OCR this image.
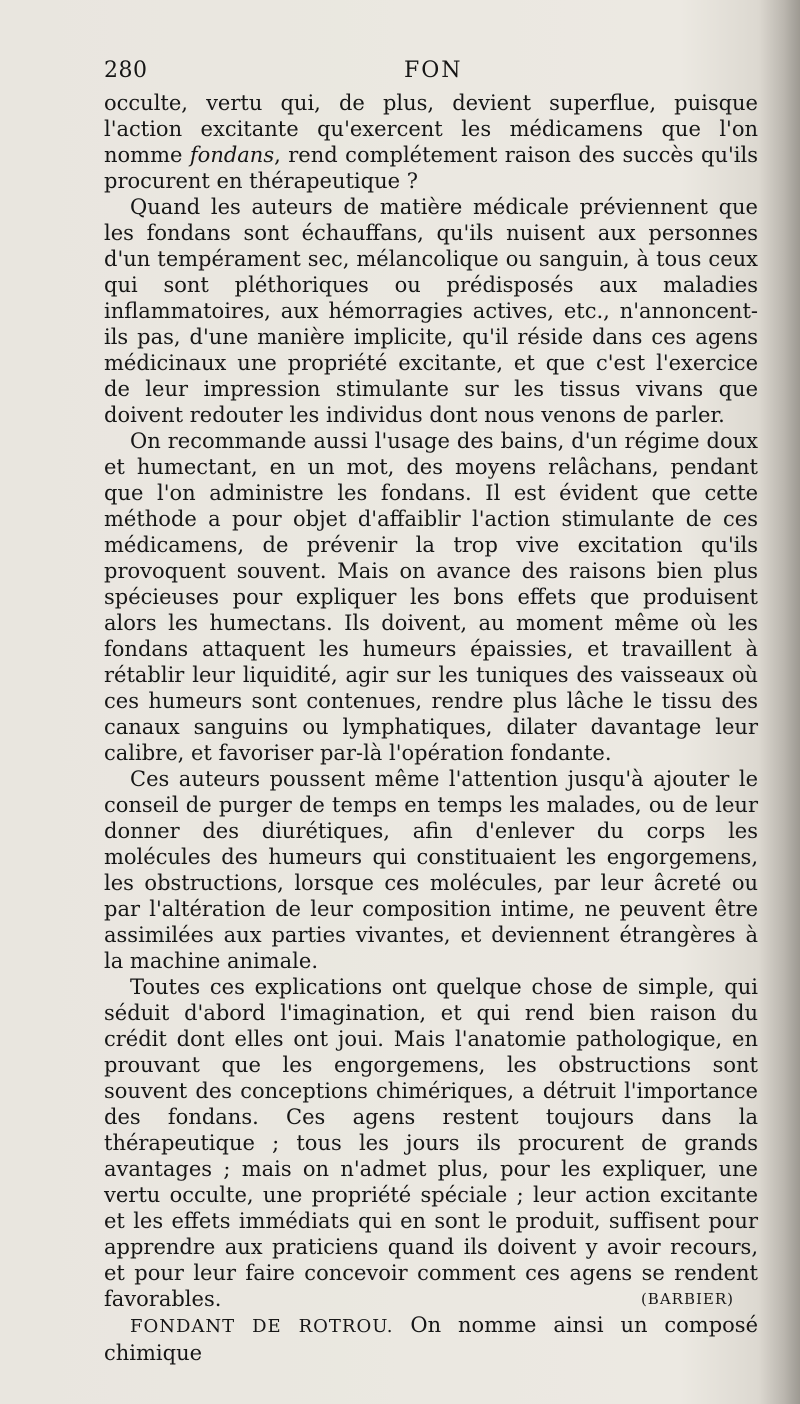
280	FON

occulte, vertu qui, de plus, devient superflue, puisque l'action excitante qu'exercent les médicamens que l'on nomme fondans, rend complétement raison des succès qu'ils procurent en thérapeutique ?

Quand les auteurs de matière médicale préviennent que les fondans sont échauffans, qu'ils nuisent aux personnes d'un tempérament sec, mélancolique ou sanguin, à tous ceux qui sont pléthoriques ou prédisposés aux maladies inflammatoires, aux hémorragies actives, etc., n'annoncent-ils pas, d'une manière implicite, qu'il réside dans ces agens médicinaux une propriété excitante, et que c'est l'exercice de leur impression stimulante sur les tissus vivans que doivent redouter les individus dont nous venons de parler.

On recommande aussi l'usage des bains, d'un régime doux et humectant, en un mot, des moyens relâchans, pendant que l'on administre les fondans. Il est évident que cette méthode a pour objet d'affaiblir l'action stimulante de ces médicamens, de prévenir la trop vive excitation qu'ils provoquent souvent. Mais on avance des raisons bien plus spécieuses pour expliquer les bons effets que produisent alors les humectans. Ils doivent, au moment même où les fondans attaquent les humeurs épaissies, et travaillent à rétablir leur liquidité, agir sur les tuniques des vaisseaux où ces humeurs sont contenues, rendre plus lâche le tissu des canaux sanguins ou lymphatiques, dilater davantage leur calibre, et favoriser par-là l'opération fondante.

Ces auteurs poussent même l'attention jusqu'à ajouter le conseil de purger de temps en temps les malades, ou de leur donner des diurétiques, afin d'enlever du corps les molécules des humeurs qui constituaient les engorgemens, les obstructions, lorsque ces molécules, par leur âcreté ou par l'altération de leur composition intime, ne peuvent être assimilées aux parties vivantes, et deviennent étrangères à la machine animale.

Toutes ces explications ont quelque chose de simple, qui séduit d'abord l'imagination, et qui rend bien raison du crédit dont elles ont joui. Mais l'anatomie pathologique, en prouvant que les engorgemens, les obstructions sont souvent des conceptions chimériques, a détruit l'importance des fondans. Ces agens restent toujours dans la thérapeutique ; tous les jours ils procurent de grands avantages ; mais on n'admet plus, pour les expliquer, une vertu occulte, une propriété spéciale ; leur action excitante et les effets immédiats qui en sont le produit, suffisent pour apprendre aux praticiens quand ils doivent y avoir recours, et pour leur faire concevoir comment ces agens se rendent favorables.	(BARBIER)

FONDANT DE ROTROU. On nomme ainsi un composé chimique
